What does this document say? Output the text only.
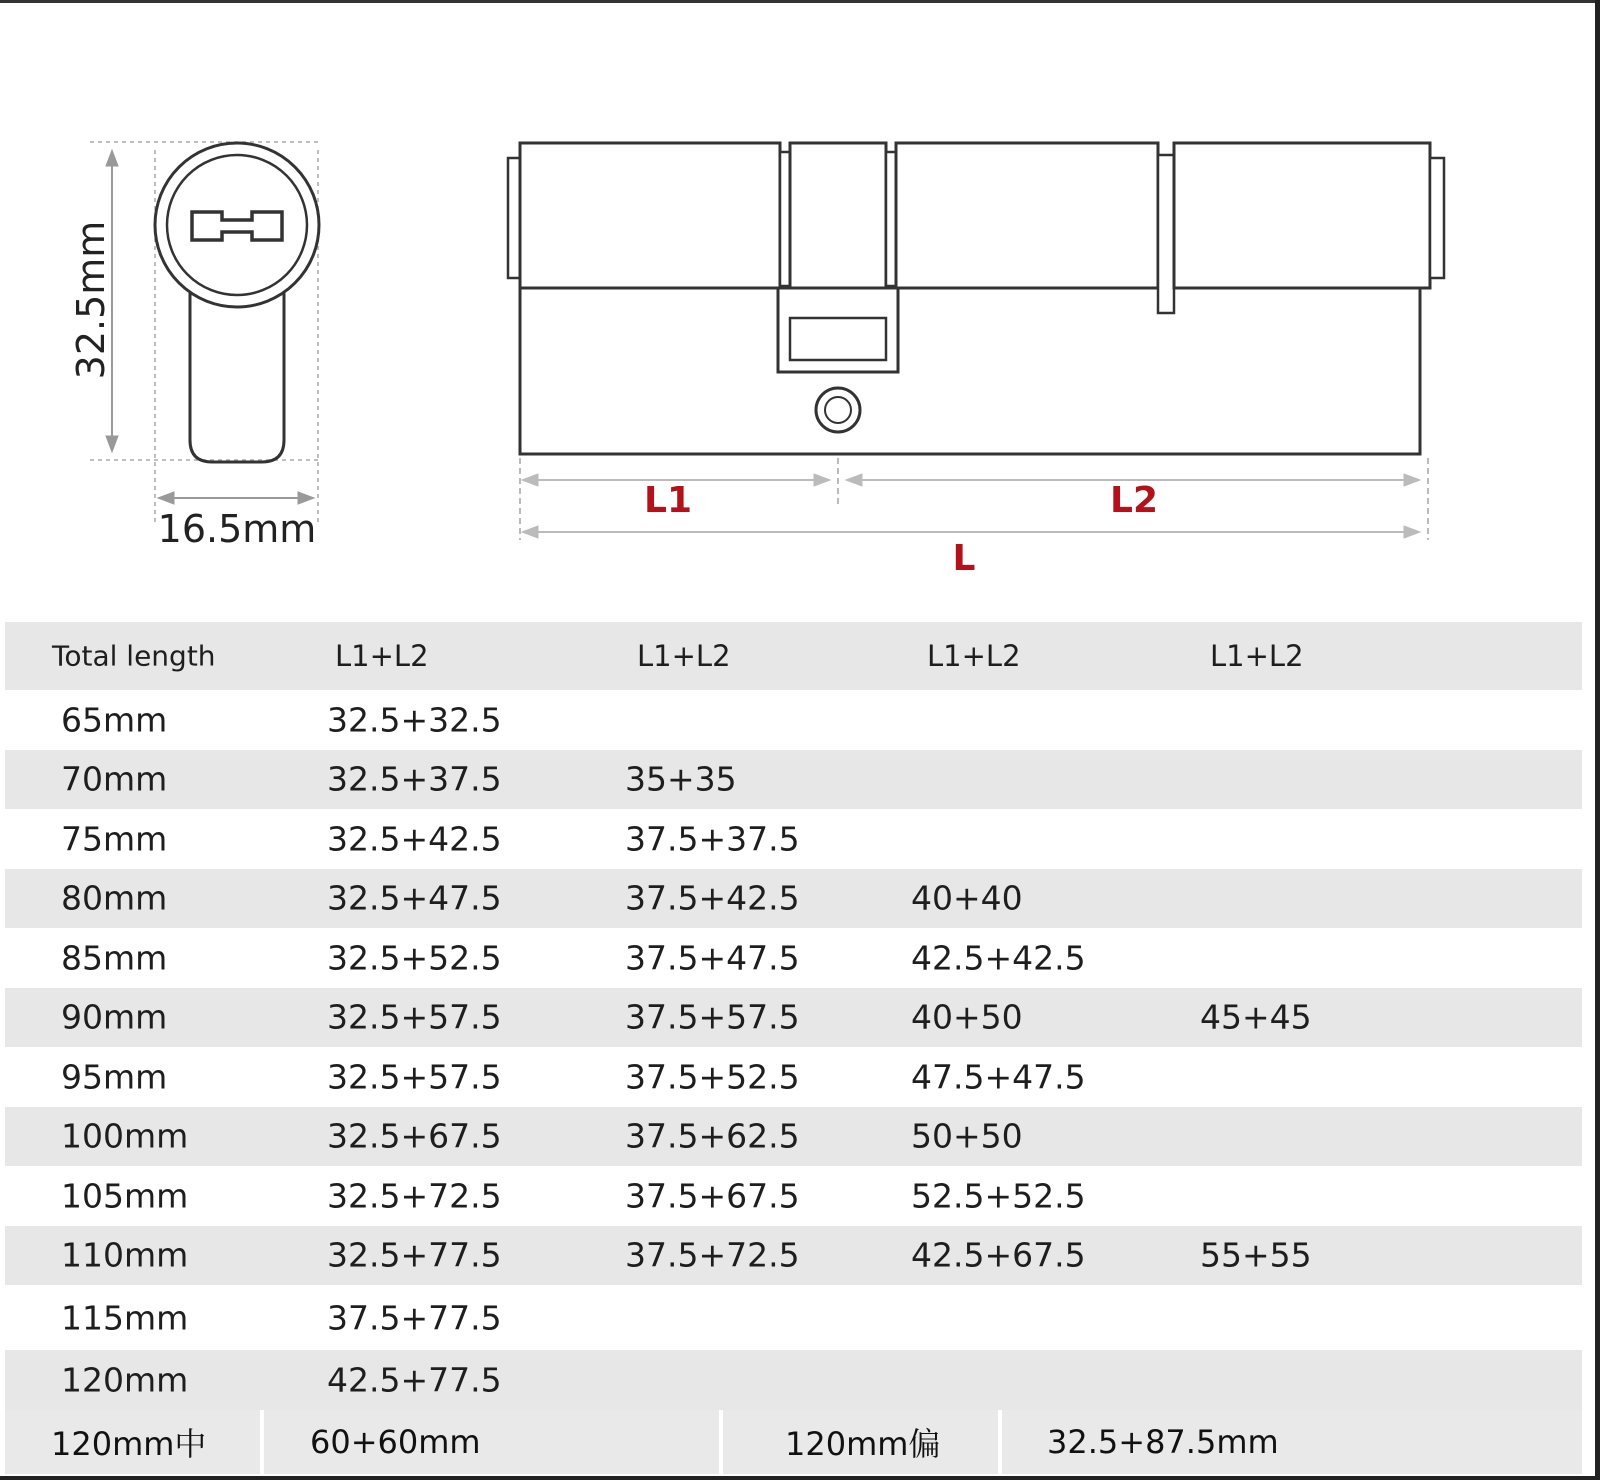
32.5mm
16.5mm
L1	L2
L
Total length	L1+L2	L1+L2	L1+L2	L1+L2
65mm	32.5+32.5
70mm	32.5+37.5	35+35
75mm	32.5+42.5	37.5+37.5
80mm	32.5+47.5	37.5+42.5	40+40
85mm	32.5+52.5	37.5+47.5	42.5+42.5
90mm	32.5+57.5	37.5+57.5	40+50	45+45
95mm	32.5+57.5	37.5+52.5	47.5+47.5
100mm	32.5+67.5	37.5+62.5	50+50
105mm	32.5+72.5	37.5+67.5	52.5+52.5
110mm	32.5+77.5	37.5+72.5	42.5+67.5	55+55
115mm	37.5+77.5
120mm	42.5+77.5
120mm中	60+60mm	120mm偏	32.5+87.5mm
